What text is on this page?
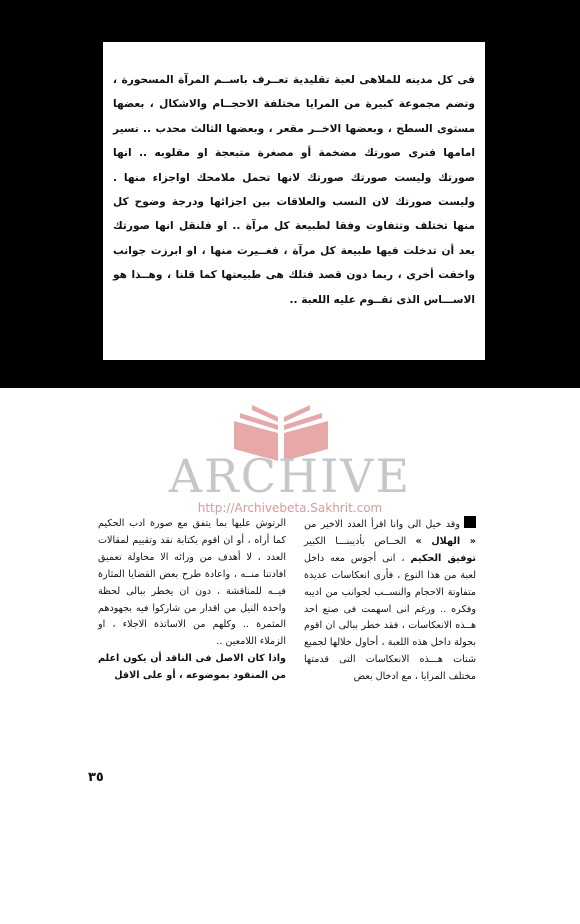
فى كل مدينه للملاهى لعبة تقليدية تعــرف باســم المرآة المسحورة ، وتضم مجموعة كبيرة من المرايا مختلفة الاحجــام والاشكال ، بعضها مستوى السطح ، وبعضها الاخــر مقعر ، وبعضها الثالث محدب .. نسير امامها فنرى صورتك مضخمة أو مصغرة متبعجة او مقلوبه .. انها صورتك وليست صورتك صورتك لانها تحمل ملامحك اواجزاء منها . وليست صورتك لان النسب والعلاقات بين اجزائها ودرجة وضوح كل منها تختلف وتتفاوت وفقا لطبيعة كل مرآة .. او فلنقل انها صورتك بعد أن تدخلت فيها طبيعة كل مرآة ، فغــيرت منها ، او ابرزت جوانب واخفت أخرى ، ربما دون قصد فتلك هى طبيعتها كما قلنا ، وهــذا هو الاســـاس الذى تقــوم عليه اللعبة ..
ARCHIVE
http://Archivebeta.Sakhrit.com
وقد خيل الى وانا اقرأ العدد الاخير من « الهلال » الخــاص بأديبنـــا الكبير توفيق الحكيم ، انى أجوس معه داخل لعبة من هذا النوع ، فأرى انعكاسات عديدة متفاوتة الاحجام والنســب لجوانب من اديبه وفكره .. ورغم انى اسهمت فى صنع احد هــذه الانعكاسات ، فقد خطر ببالى ان اقوم بجولة داخل هذه اللعبة ، أحاول خلالها لجميع شتات هـــذه الانعكاسات التى قدمتها مختلف المرايا ، مع ادخال بعض
الرتوش عليها بما يتفق مع صورة ادب الحكيم كما أراه ، أو ان اقوم بكتابة نقد وتقييم لمقالات العدد ، لا أهدف من ورائه الا محاولة تعميق افادتنا منــه ، واعادة طرح بعض القضايا المثارة فيــه للمناقشة ، دون ان يخطر ببالى لحظة واحدة النيل من اقدار من شاركوا فيه بجهودهم المثمرة .. وكلهم من الاساتذة الاجلاء ، او الزملاء اللامعين ..
واذا كان الاصل فى الناقد أن يكون اعلم من المنقود بموضوعه ، أو على الاقل
٣٥
